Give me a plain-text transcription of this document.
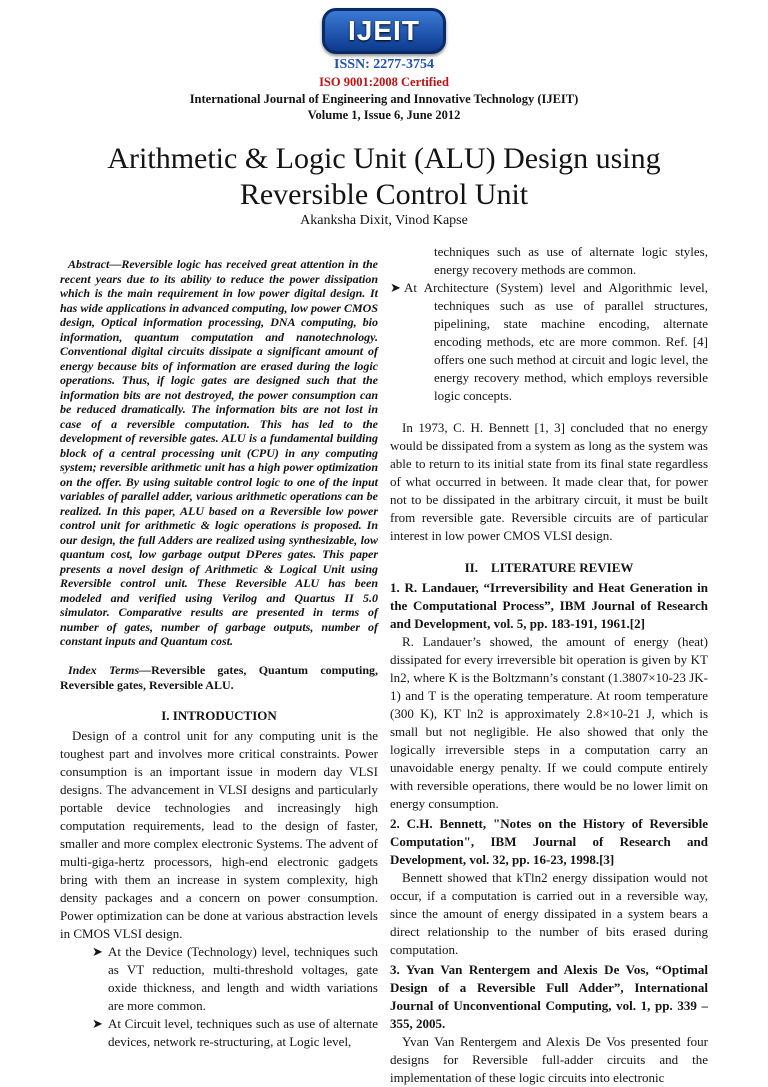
IJEIT
ISSN: 2277-3754
ISO 9001:2008 Certified
International Journal of Engineering and Innovative Technology (IJEIT)
Volume 1, Issue 6, June 2012
Arithmetic & Logic Unit (ALU) Design using Reversible Control Unit
Akanksha Dixit, Vinod Kapse

Abstract—Reversible logic has received great attention in the recent years due to its ability to reduce the power dissipation which is the main requirement in low power digital design. It has wide applications in advanced computing, low power CMOS design, Optical information processing, DNA computing, bio information, quantum computation and nanotechnology. Conventional digital circuits dissipate a significant amount of energy because bits of information are erased during the logic operations. Thus, if logic gates are designed such that the information bits are not destroyed, the power consumption can be reduced dramatically. The information bits are not lost in case of a reversible computation. This has led to the development of reversible gates. ALU is a fundamental building block of a central processing unit (CPU) in any computing system; reversible arithmetic unit has a high power optimization on the offer. By using suitable control logic to one of the input variables of parallel adder, various arithmetic operations can be realized. In this paper, ALU based on a Reversible low power control unit for arithmetic & logic operations is proposed. In our design, the full Adders are realized using synthesizable, low quantum cost, low garbage output DPeres gates. This paper presents a novel design of Arithmetic & Logical Unit using Reversible control unit. These Reversible ALU has been modeled and verified using Verilog and Quartus II 5.0 simulator. Comparative results are presented in terms of number of gates, number of garbage outputs, number of constant inputs and Quantum cost.

Index Terms—Reversible gates, Quantum computing, Reversible gates, Reversible ALU.

I. INTRODUCTION

Design of a control unit for any computing unit is the toughest part and involves more critical constraints. Power consumption is an important issue in modern day VLSI designs. The advancement in VLSI designs and particularly portable device technologies and increasingly high computation requirements, lead to the design of faster, smaller and more complex electronic Systems. The advent of multi-giga-hertz processors, high-end electronic gadgets bring with them an increase in system complexity, high density packages and a concern on power consumption. Power optimization can be done at various abstraction levels in CMOS VLSI design.

➤ At the Device (Technology) level, techniques such as VT reduction, multi-threshold voltages, gate oxide thickness, and length and width variations are more common.
➤ At Circuit level, techniques such as use of alternate devices, network re-structuring, at Logic level,
techniques such as use of alternate logic styles, energy recovery methods are common.
➤ At Architecture (System) level and Algorithmic level, techniques such as use of parallel structures, pipelining, state machine encoding, alternate encoding methods, etc are more common. Ref. [4] offers one such method at circuit and logic level, the energy recovery method, which employs reversible logic concepts.

In 1973, C. H. Bennett [1, 3] concluded that no energy would be dissipated from a system as long as the system was able to return to its initial state from its final state regardless of what occurred in between. It made clear that, for power not to be dissipated in the arbitrary circuit, it must be built from reversible gate. Reversible circuits are of particular interest in low power CMOS VLSI design.

II. LITERATURE REVIEW

1. R. Landauer, “Irreversibility and Heat Generation in the Computational Process”, IBM Journal of Research and Development, vol. 5, pp. 183-191, 1961.[2]

R. Landauer’s showed, the amount of energy (heat) dissipated for every irreversible bit operation is given by KT ln2, where K is the Boltzmann’s constant (1.3807×10-23 JK-1) and T is the operating temperature. At room temperature (300 K), KT ln2 is approximately 2.8×10-21 J, which is small but not negligible. He also showed that only the logically irreversible steps in a computation carry an unavoidable energy penalty. If we could compute entirely with reversible operations, there would be no lower limit on energy consumption.

2. C.H. Bennett, "Notes on the History of Reversible Computation", IBM Journal of Research and Development, vol. 32, pp. 16-23, 1998.[3]

Bennett showed that kTln2 energy dissipation would not occur, if a computation is carried out in a reversible way, since the amount of energy dissipated in a system bears a direct relationship to the number of bits erased during computation.

3. Yvan Van Rentergem and Alexis De Vos, “Optimal Design of a Reversible Full Adder”, International Journal of Unconventional Computing, vol. 1, pp. 339 – 355, 2005.

Yvan Van Rentergem and Alexis De Vos presented four designs for Reversible full-adder circuits and the implementation of these logic circuits into electronic
